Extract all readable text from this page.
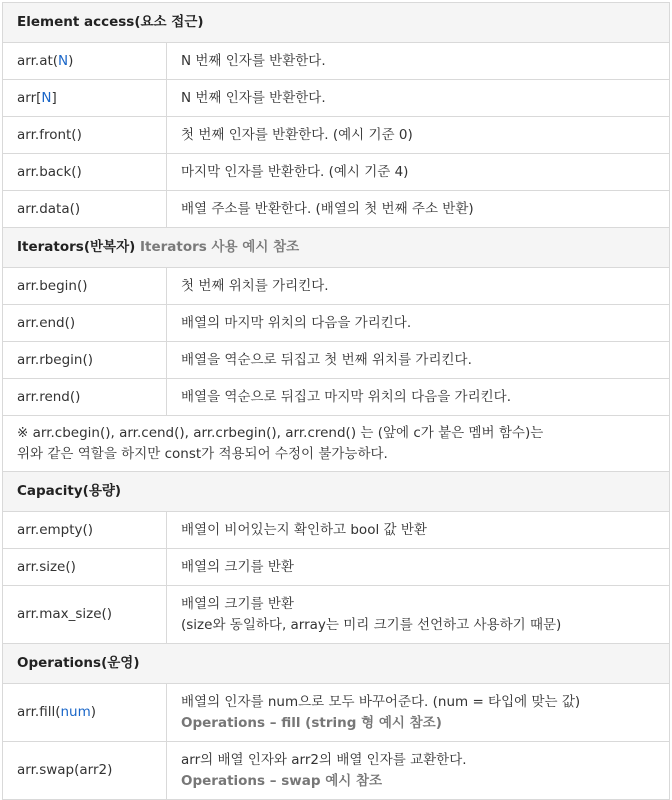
Element access(요소 접근)	
arr.at(N)	N 번째 인자를 반환한다.
arr[N]	N 번째 인자를 반환한다.
arr.front()	첫 번째 인자를 반환한다. (예시 기준 0)
arr.back()	마지막 인자를 반환한다. (예시 기준 4)
arr.data()	배열 주소를 반환한다. (배열의 첫 번째 주소 반환)
Iterators(반복자) Iterators 사용 예시 참조	
arr.begin()	첫 번째 위치를 가리킨다.
arr.end()	배열의 마지막 위치의 다음을 가리킨다.
arr.rbegin()	배열을 역순으로 뒤집고 첫 번째 위치를 가리킨다.
arr.rend()	배열을 역순으로 뒤집고 마지막 위치의 다음을 가리킨다.
※ arr.cbegin(), arr.cend(), arr.crbegin(), arr.crend() 는 (앞에 c가 붙은 멤버 함수)는
위와 같은 역할을 하지만 const가 적용되어 수정이 불가능하다.	
Capacity(용량)	
arr.empty()	배열이 비어있는지 확인하고 bool 값 반환
arr.size()	배열의 크기를 반환
arr.max_size()	배열의 크기를 반환
(size와 동일하다, array는 미리 크기를 선언하고 사용하기 때문)
Operations(운영)	
arr.fill(num)	배열의 인자를 num으로 모두 바꾸어준다. (num = 타입에 맞는 값)
Operations – fill (string 형 예시 참조)

arr.swap(arr2)	arr의 배열 인자와 arr2의 배열 인자를 교환한다.
Operations – swap 예시 참조
